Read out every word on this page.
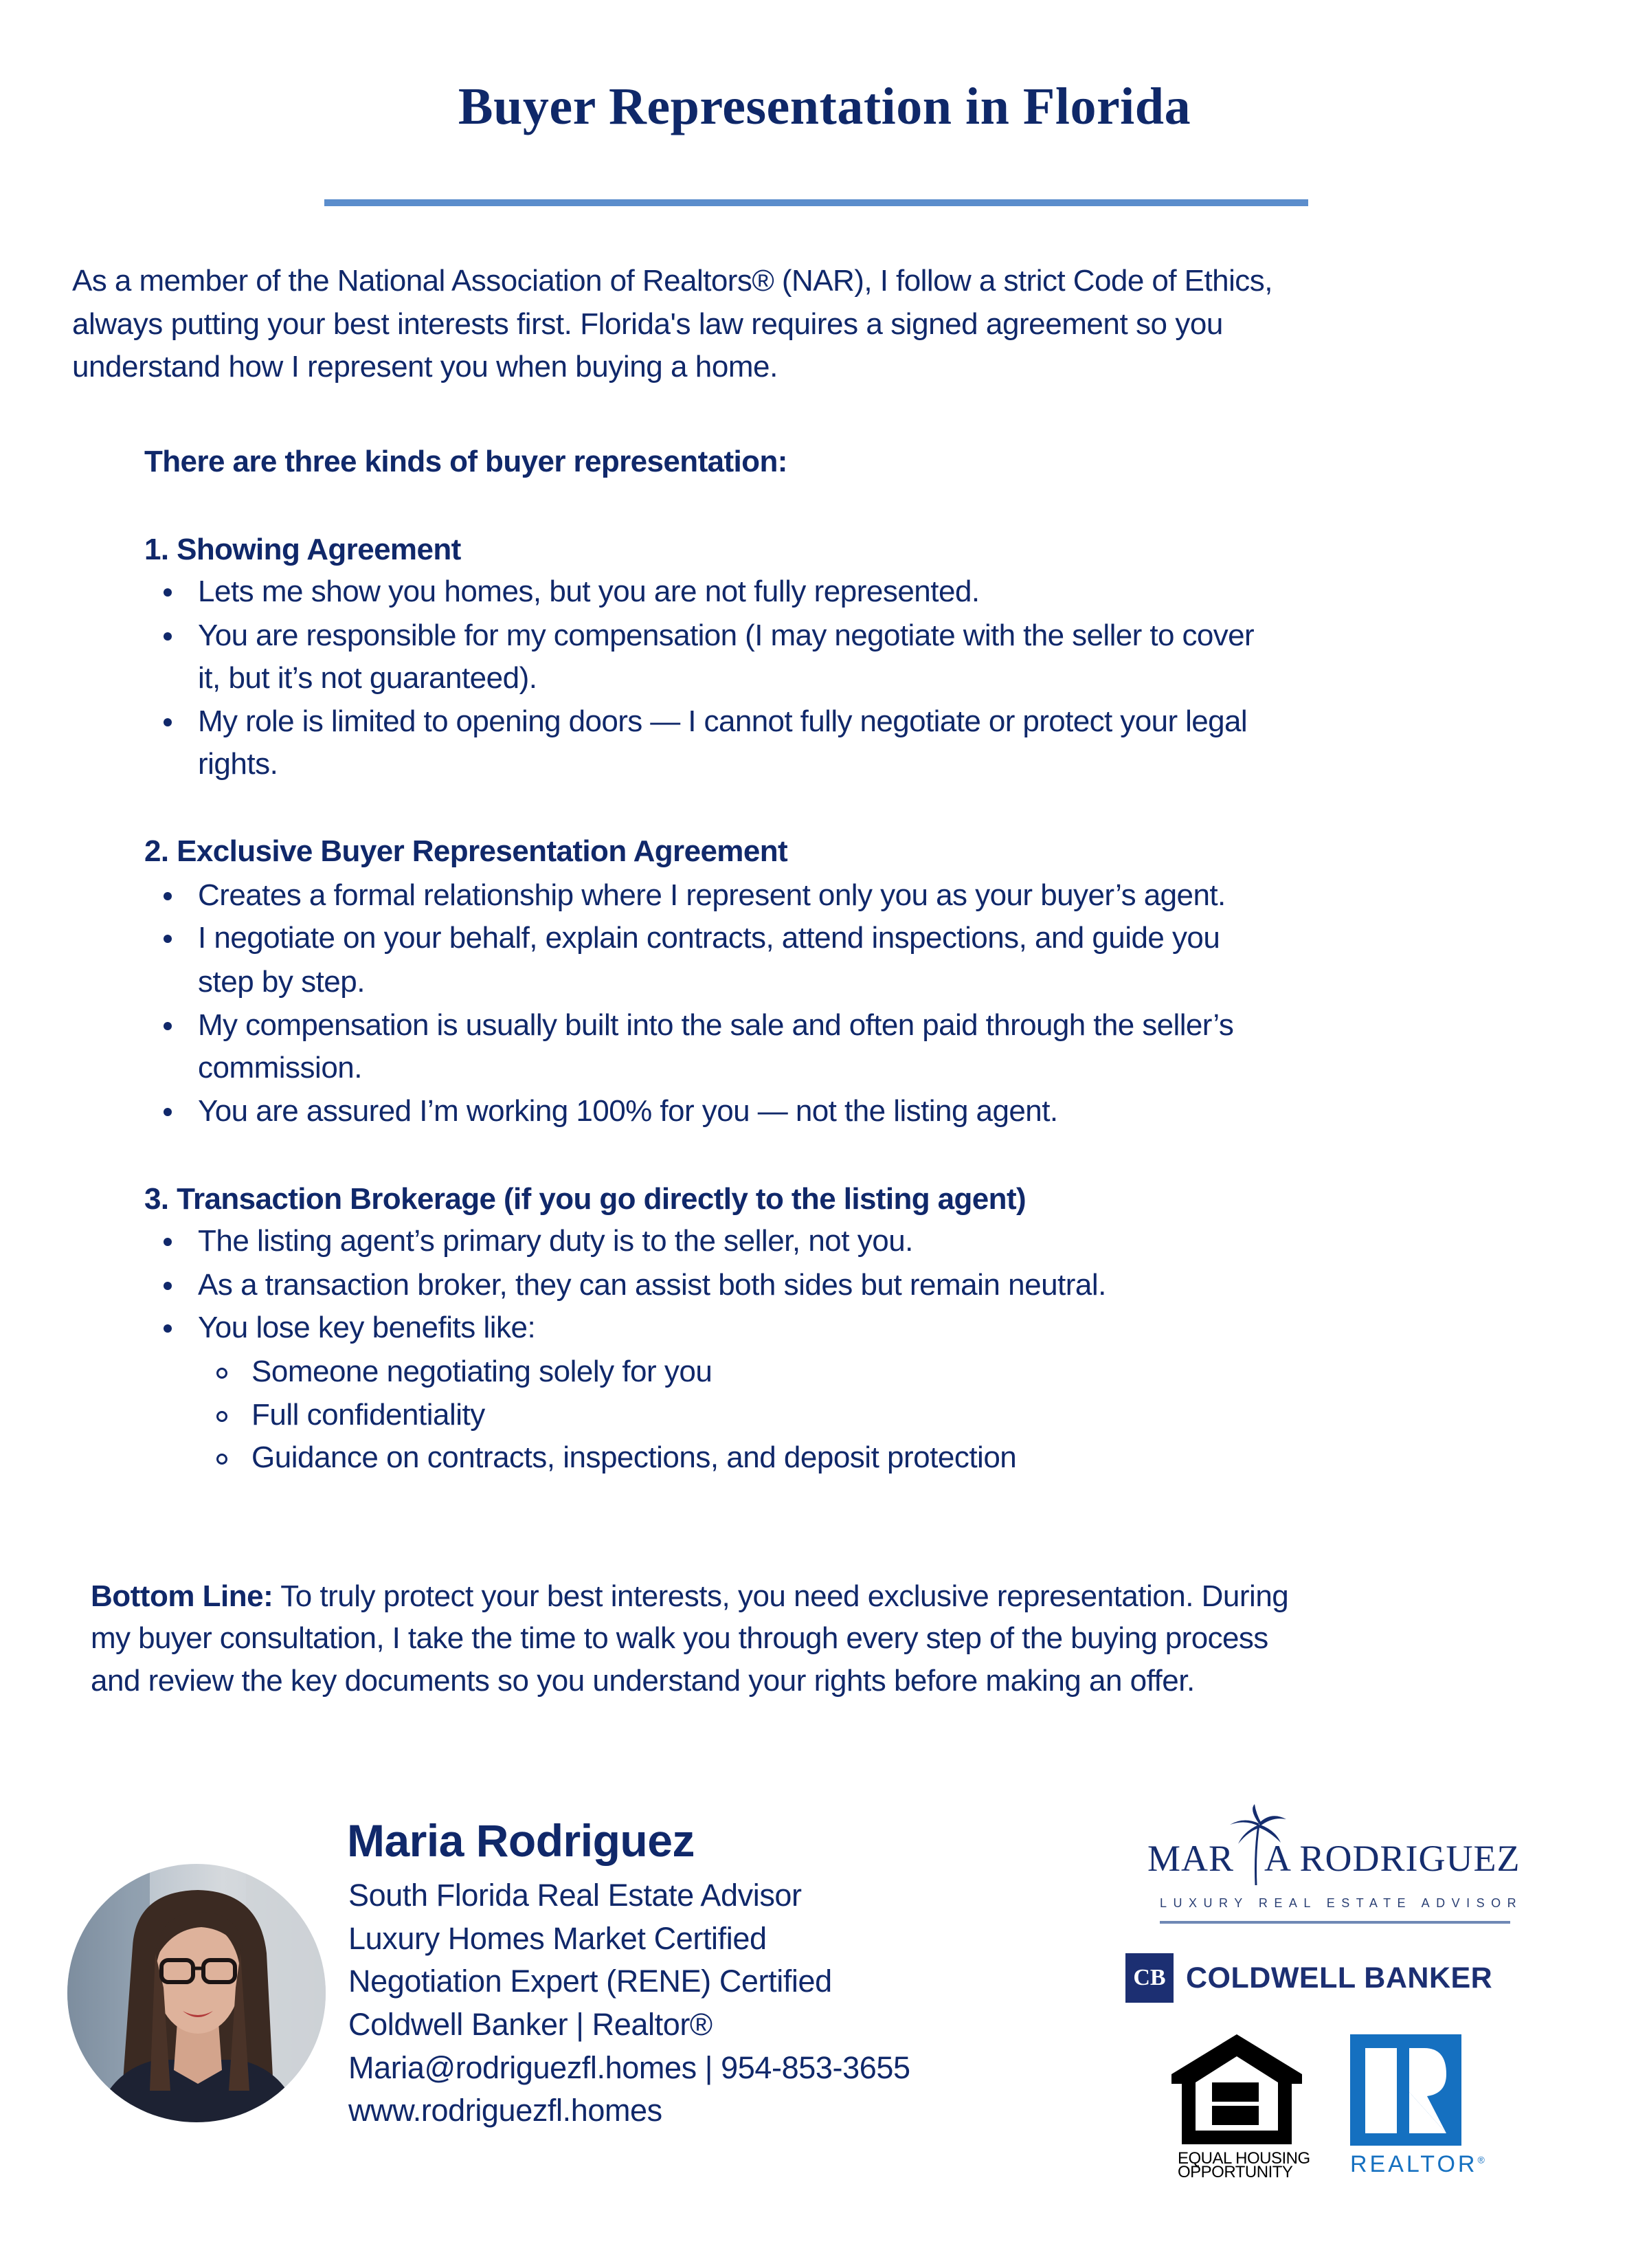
Buyer Representation in Florida
As a member of the National Association of Realtors® (NAR), I follow a strict Code of Ethics,
always putting your best interests first. Florida's law requires a signed agreement so you
understand how I represent you when buying a home.
There are three kinds of buyer representation:
1. Showing Agreement
Lets me show you homes, but you are not fully represented.
You are responsible for my compensation (I may negotiate with the seller to cover
it, but it’s not guaranteed).
My role is limited to opening doors — I cannot fully negotiate or protect your legal
rights.
2. Exclusive Buyer Representation Agreement
Creates a formal relationship where I represent only you as your buyer’s agent.
I negotiate on your behalf, explain contracts, attend inspections, and guide you
step by step.
My compensation is usually built into the sale and often paid through the seller’s
commission.
You are assured I’m working 100% for you — not the listing agent.
3. Transaction Brokerage (if you go directly to the listing agent)
The listing agent’s primary duty is to the seller, not you.
As a transaction broker, they can assist both sides but remain neutral.
You lose key benefits like:
Someone negotiating solely for you
Full confidentiality
Guidance on contracts, inspections, and deposit protection
Bottom Line: To truly protect your best interests, you need exclusive representation. During
my buyer consultation, I take the time to walk you through every step of the buying process
and review the key documents so you understand your rights before making an offer.
Maria Rodriguez
South Florida Real Estate Advisor
Luxury Homes Market Certified
Negotiation Expert (RENE) Certified
Coldwell Banker | Realtor®
Maria@rodriguezfl.homes | 954-853-3655
www.rodriguezfl.homes
MAR A RODRIGUEZ
LUXURY REAL ESTATE ADVISOR
CB COLDWELL BANKER
EQUAL HOUSING
OPPORTUNITY REALTOR®
